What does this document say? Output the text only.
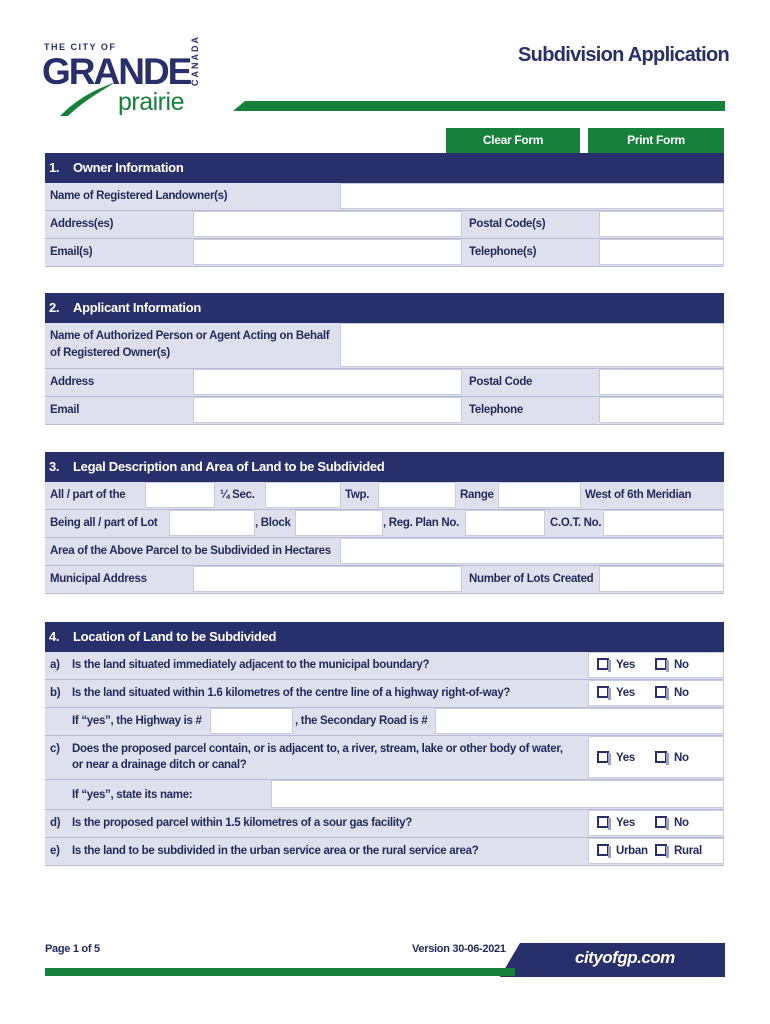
THE CITY OF
GRANDE
prairie
CANADA	Subdivision Application
Clear Form	Print Form
1. Owner Information
Name of Registered Landowner(s)
Address(es)	Postal Code(s)
Email(s)	Telephone(s)
2. Applicant Information
Name of Authorized Person or Agent Acting on Behalf
of Registered Owner(s)
Address	Postal Code
Email	Telephone
3. Legal Description and Area of Land to be Subdivided
All / part of the	¼ Sec.	Twp.	Range	West of 6th Meridian
Being all / part of Lot	, Block	, Reg. Plan No.	C.O.T. No.
Area of the Above Parcel to be Subdivided in Hectares
Municipal Address	Number of Lots Created
4. Location of Land to be Subdivided
a) Is the land situated immediately adjacent to the municipal boundary?	Yes	No
b) Is the land situated within 1.6 kilometres of the centre line of a highway right-of-way?	Yes	No
If “yes”, the Highway is #	, the Secondary Road is #
c) Does the proposed parcel contain, or is adjacent to, a river, stream, lake or other body of water,
or near a drainage ditch or canal?
Yes	No
If “yes”, state its name:
d) Is the proposed parcel within 1.5 kilometres of a sour gas facility?	Yes	No
e) Is the land to be subdivided in the urban service area or the rural service area?	Urban Rural
Page 1 of 5	Version 30-06-2021	cityofgp.com
